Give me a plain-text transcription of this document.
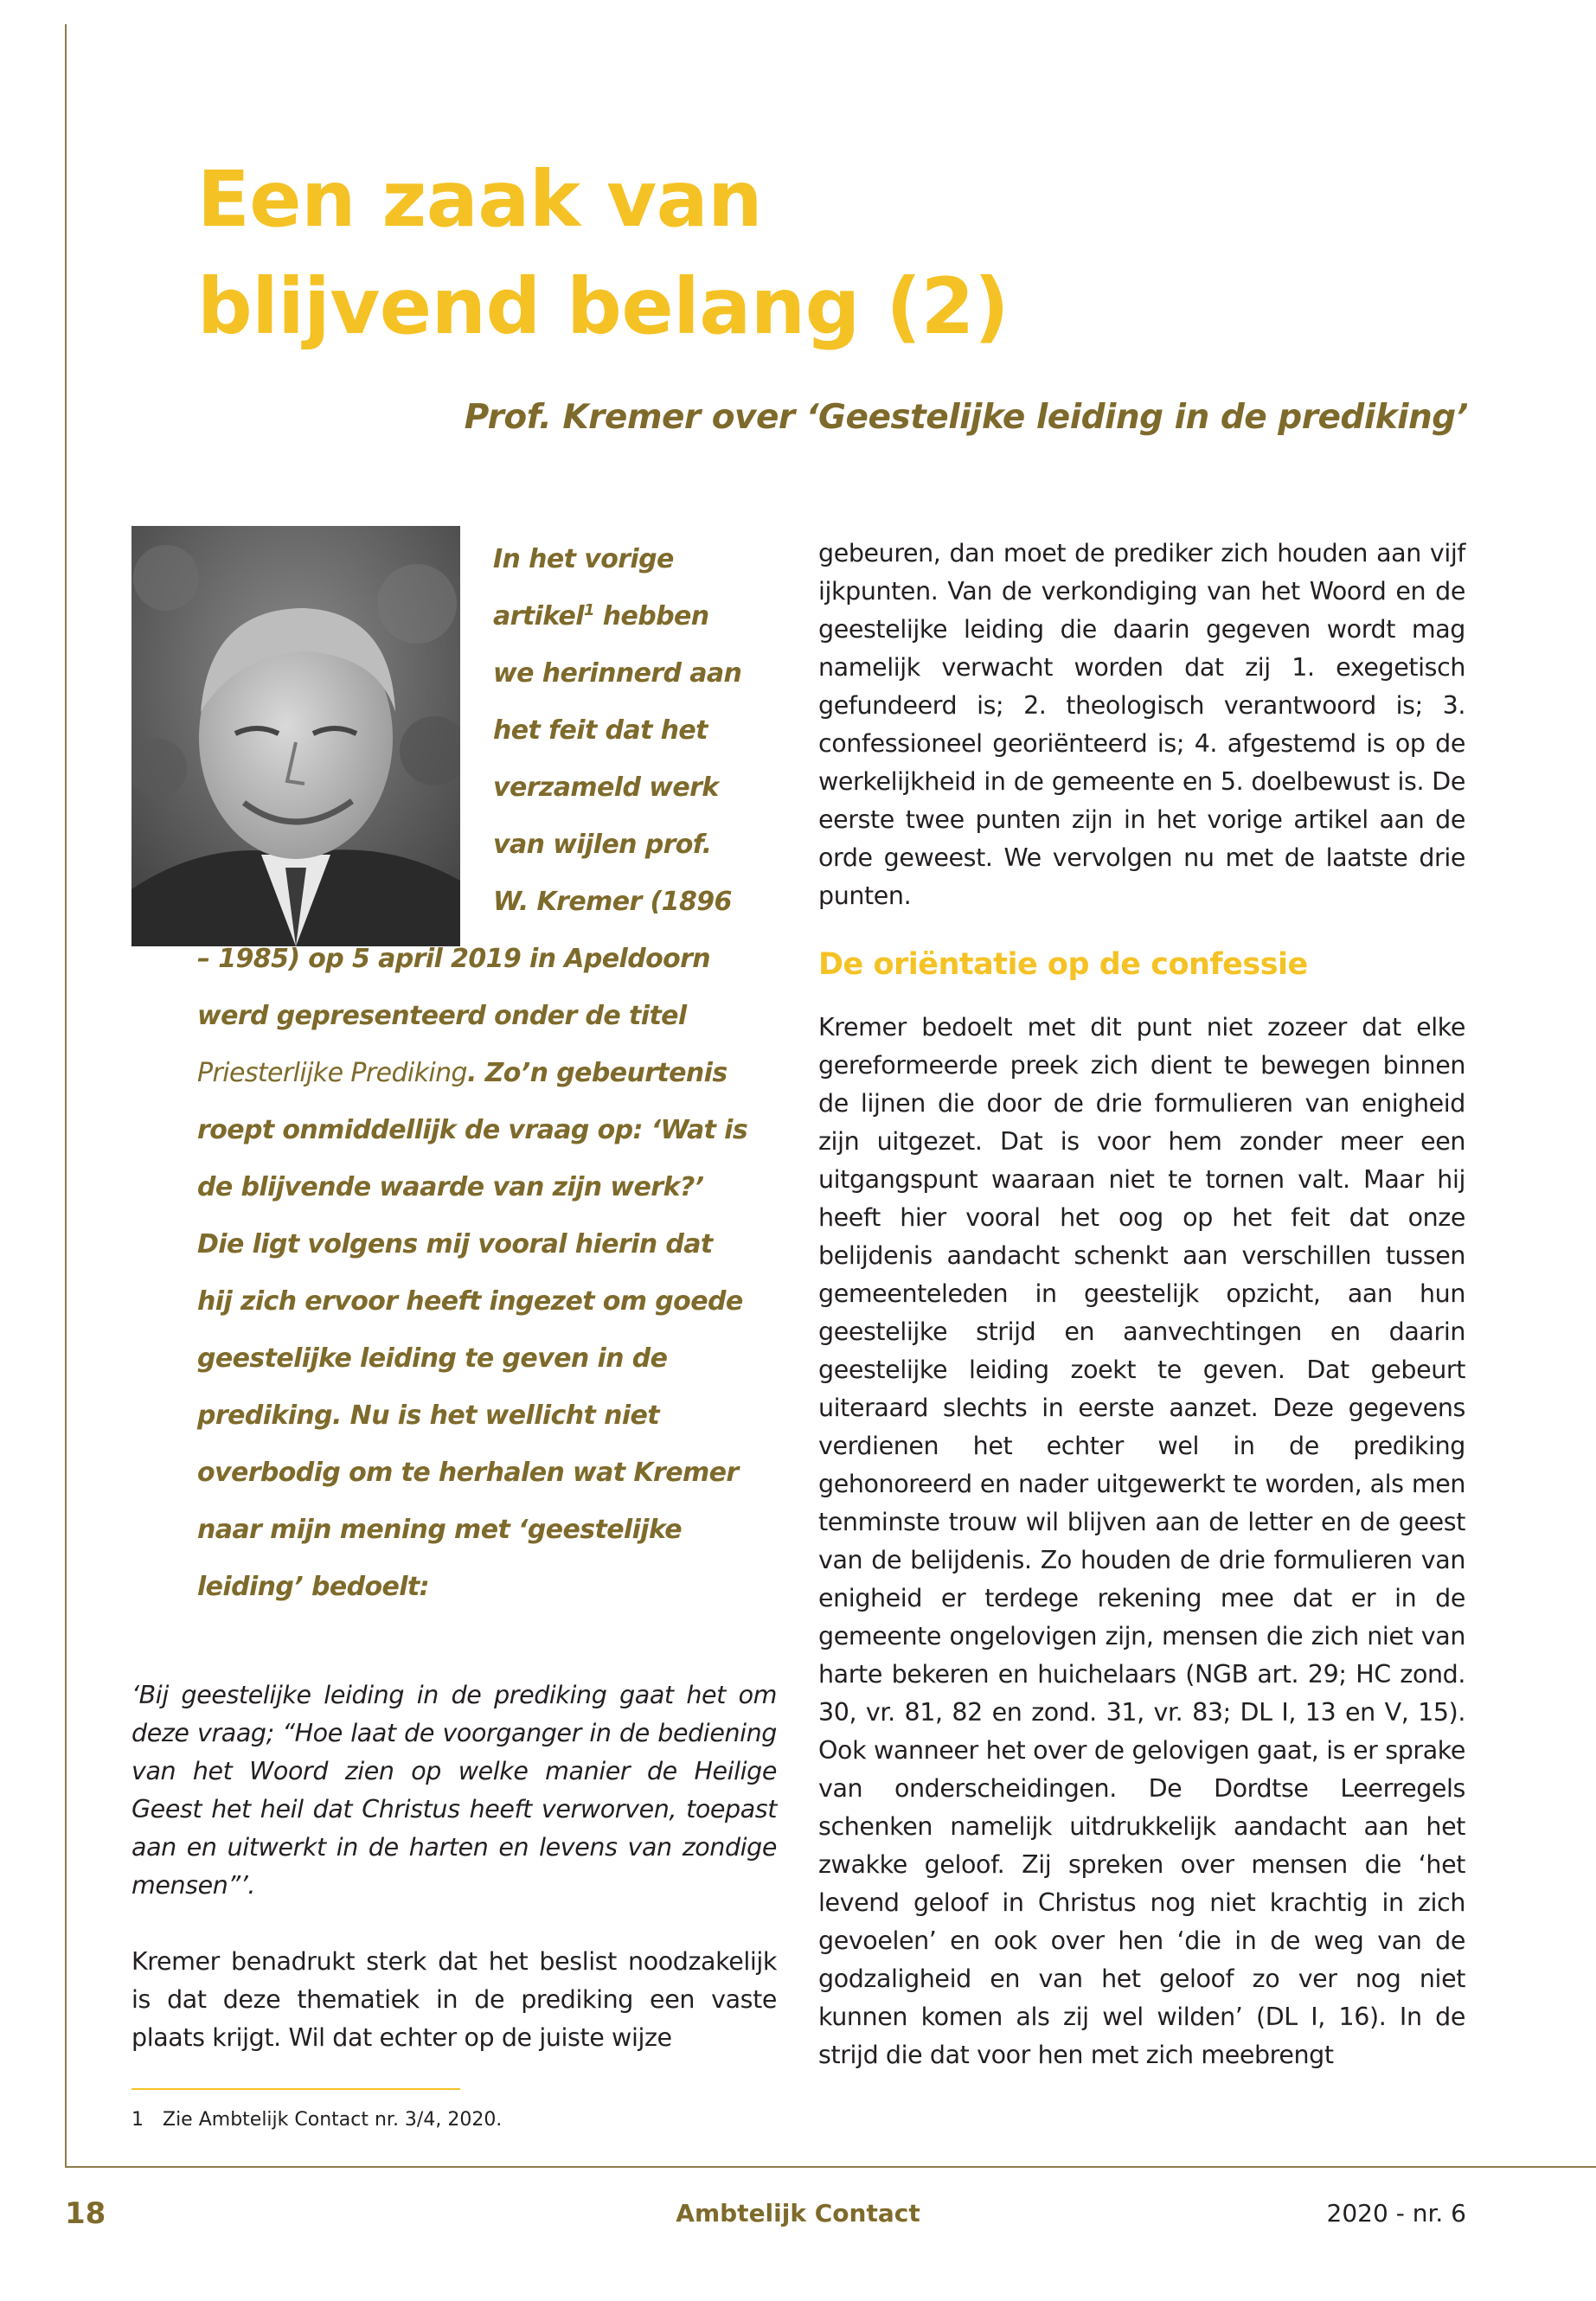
Een zaak van
blijvend belang (2)

Prof. Kremer over ‘Geestelijke leiding in de prediking’

In het vorige artikel$^1$ hebben we herinnerd aan het feit dat het verzameld werk van wijlen prof. W. Kremer (1896 – 1985) op 5 april 2019 in Apeldoorn werd gepresenteerd onder de titel Priesterlijke Prediking. Zo’n gebeurtenis roept onmiddellijk de vraag op: ‘Wat is de blijvende waarde van zijn werk?’ Die ligt volgens mij vooral hierin dat hij zich ervoor heeft ingezet om goede geestelijke leiding te geven in de prediking. Nu is het wellicht niet overbodig om te herhalen wat Kremer naar mijn mening met ‘geestelijke leiding’ bedoelt:

‘Bij geestelijke leiding in de prediking gaat het om deze vraag; “Hoe laat de voorganger in de bediening van het Woord zien op welke manier de Heilige Geest het heil dat Christus heeft verworven, toepast aan en uitwerkt in de harten en levens van zondige mensen”’.

Kremer benadrukt sterk dat het beslist noodzakelijk is dat deze thematiek in de prediking een vaste plaats krijgt. Wil dat echter op de juiste wijze

1 Zie Ambtelijk Contact nr. 3/4, 2020.

gebeuren, dan moet de prediker zich houden aan vijf ijkpunten. Van de verkondiging van het Woord en de geestelijke leiding die daarin gegeven wordt mag namelijk verwacht worden dat zij 1. exegetisch gefundeerd is; 2. theologisch verantwoord is; 3. confessioneel georiënteerd is; 4. afgestemd is op de werkelijkheid in de gemeente en 5. doelbewust is. De eerste twee punten zijn in het vorige artikel aan de orde geweest. We vervolgen nu met de laatste drie punten.

De oriëntatie op de confessie

Kremer bedoelt met dit punt niet zozeer dat elke gereformeerde preek zich dient te bewegen binnen de lijnen die door de drie formulieren van enigheid zijn uitgezet. Dat is voor hem zonder meer een uitgangspunt waaraan niet te tornen valt. Maar hij heeft hier vooral het oog op het feit dat onze belijdenis aandacht schenkt aan verschillen tussen gemeenteleden in geestelijk opzicht, aan hun geestelijke strijd en aanvechtingen en daarin geestelijke leiding zoekt te geven. Dat gebeurt uiteraard slechts in eerste aanzet. Deze gegevens verdienen het echter wel in de prediking gehonoreerd en nader uitgewerkt te worden, als men tenminste trouw wil blijven aan de letter en de geest van de belijdenis. Zo houden de drie formulieren van enigheid er terdege rekening mee dat er in de gemeente ongelovigen zijn, mensen die zich niet van harte bekeren en huichelaars (NGB art. 29; HC zond. 30, vr. 81, 82 en zond. 31, vr. 83; DL I, 13 en V, 15). Ook wanneer het over de gelovigen gaat, is er sprake van onderscheidingen. De Dordtse Leerregels schenken namelijk uitdrukkelijk aandacht aan het zwakke geloof. Zij spreken over mensen die ‘het levend geloof in Christus nog niet krachtig in zich gevoelen’ en ook over hen ‘die in de weg van de godzaligheid en van het geloof zo ver nog niet kunnen komen als zij wel wilden’ (DL I, 16). In de strijd die dat voor hen met zich meebrengt

18	Ambtelijk Contact	2020 - nr. 6
